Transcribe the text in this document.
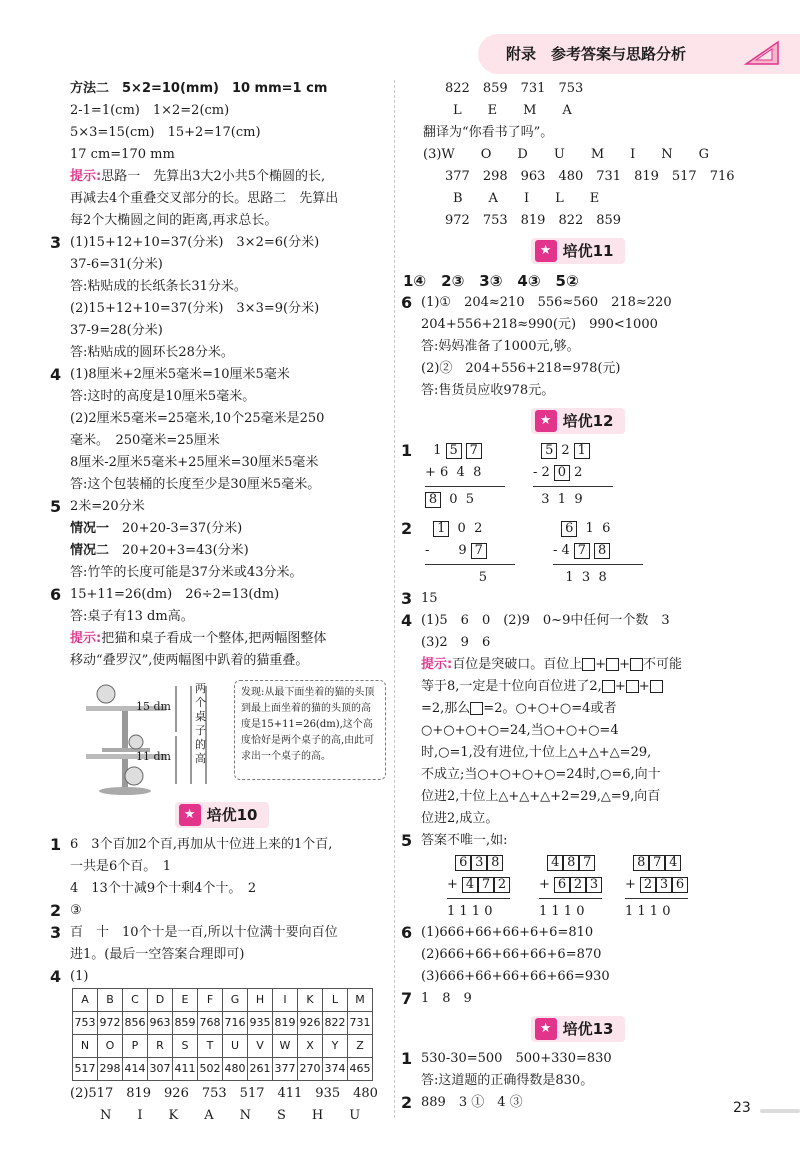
附录　参考答案与思路分析
方法二　5×2=10(mm)　10 mm=1 cm
2-1=1(cm)　1×2=2(cm)
5×3=15(cm)　15+2=17(cm)
17 cm=170 mm
提示:思路一　先算出3大2小共5个椭圆的长,
再减去4个重叠交叉部分的长。思路二　先算出
每2个大椭圆之间的距离,再求总长。
3 (1)15+12+10=37(分米)　3×2=6(分米)
37-6=31(分米)
答:粘贴成的长纸条长31分米。
(2)15+12+10=37(分米)　3×3=9(分米)
37-9=28(分米)
答:粘贴成的圆环长28分米。
4 (1)8厘米+2厘米5毫米=10厘米5毫米
答:这时的高度是10厘米5毫米。
(2)2厘米5毫米=25毫米,10个25毫米是250
毫米。　250毫米=25厘米
8厘米-2厘米5毫米+25厘米=30厘米5毫米
答:这个包装桶的长度至少是30厘米5毫米。
5 2米=20分米
情况一　 20+20-3=37(分米)
情况二　 20+20+3=43(分米)
答:竹竿的长度可能是37分米或43分米。
6 15+11=26(dm)　26÷2=13(dm)
答:桌子有13 dm高。
提示:把猫和桌子看成一个整体,把两幅图整体
移动“叠罗汉”,使两幅图中趴着的猫重叠。
15 dm
11 dm
两个桌子的高
发现:从最下面坐着的猫的头顶到最上面坐着的猫的头顶的高度是15+11=26(dm),这个高度恰好是两个桌子的高,由此可求出一个桌子的高。
★ 培优10
1 6　3个百加2个百,再加从十位进上来的1个百,
一共是6个百。　1
4　13个十减9个十剩4个十。　2
2 ③
3 百　十　10个十是一百,所以十位满十要向百位
进1。(最后一空答案合理即可)
4 (1)
A	B	C	D	E	F	G	H	I	K	L	M
753	972	856	963	859	768	716	935	819	926	822	731
N	O	P	R	S	T	U	V	W	X	Y	Z
517	298	414	307	411	502	480	261	377	270	374	465
(2)517　819　926　753　517　411　935　480
N　　I　　K　　A　　N　　S　　H　　U
822　859　731　753
L　　E　　M　　A
翻译为“你看书了吗”。
(3)W　　O　　D　　U　　M　　I　　N　　G
377　298　963　480　731　819　517　716
B　　A　　I　　L　　E
972　753　819　822　859
★ 培优11
1④　2③　3③　4③　5②
6 (1)①　204≈210　556≈560　218≈220
204+556+218≈990(元)　990<1000
答:妈妈准备了1000元,够。
(2)②　204+556+218=978(元)
答:售货员应收978元。
★ 培优12
1 1 5 7
+ 6  4  8
8  0  5
5 2 1
- 2 0 2
3  1  9
2	1  0  2
-       9 7
5
6  1  6
- 4 7 8
1  3  8
3 15
4 (1)5　6　0　(2)9　0~9中任何一个数　3
(3)2　9　6
提示:百位是突破口。百位上 + + 不可能
等于8,一定是十位向百位进了2, + +
=2,那么 =2。○+○+○=4或者
○+○+○+○=24,当○+○+○=4
时,○=1,没有进位,十位上△+△+△=29,
不成立;当○+○+○+○=24时,○=6,向十
位进2,十位上△+△+△+2=29,△=9,向百
位进2,成立。
5 答案不唯一,如:
6 3 8
+ 4 7 2
1 1 1 0
4 8 7
+ 6 2 3
1 1 1 0
8 7 4
+ 2 3 6
1 1 1 0
6 (1)666+66+66+6+6=810
(2)666+66+66+66+6=870
(3)666+66+66+66+66=930
7 1　8　9
★ 培优13
1 530-30=500　500+330=830
答:这道题的正确得数是830。
2 889　3 ①　4 ③	23
